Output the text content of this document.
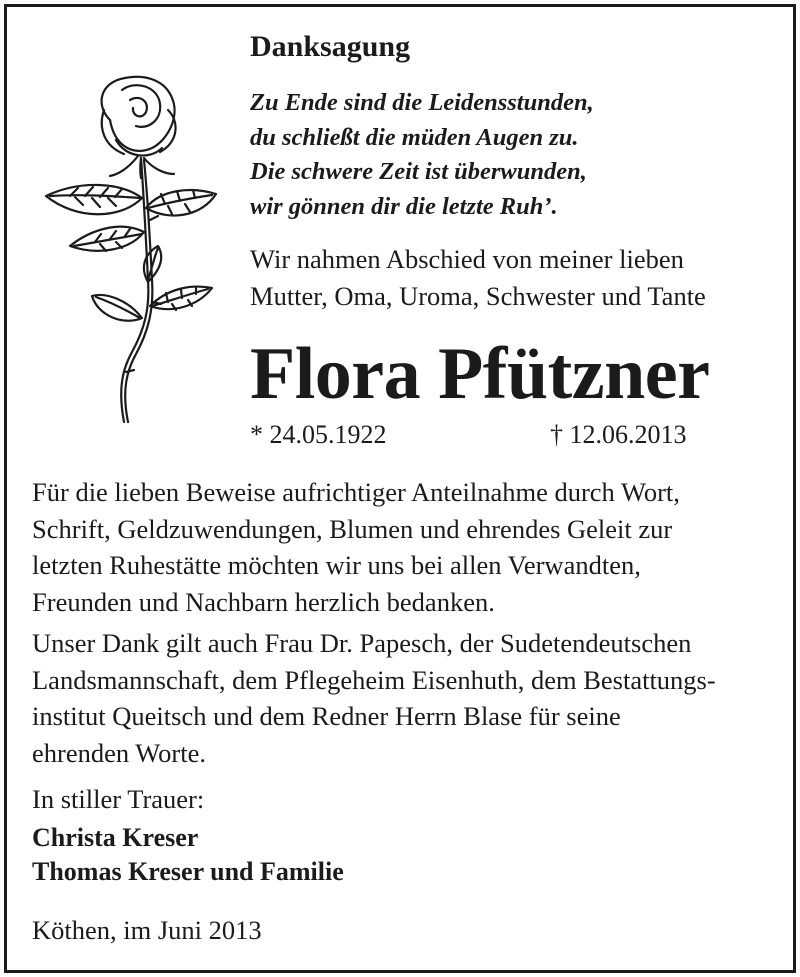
Danksagung
Zu Ende sind die Leidensstunden,
du schließt die müden Augen zu.
Die schwere Zeit ist überwunden,
wir gönnen dir die letzte Ruh’.
Wir nahmen Abschied von meiner lieben
Mutter, Oma, Uroma, Schwester und Tante
Flora Pfützner
* 24.05.1922	† 12.06.2013
Für die lieben Beweise aufrichtiger Anteilnahme durch Wort,
Schrift, Geldzuwendungen, Blumen und ehrendes Geleit zur
letzten Ruhestätte möchten wir uns bei allen Verwandten,
Freunden und Nachbarn herzlich bedanken.
Unser Dank gilt auch Frau Dr. Papesch, der Sudetendeutschen
Landsmannschaft, dem Pflegeheim Eisenhuth, dem Bestattungs-
institut Queitsch und dem Redner Herrn Blase für seine
ehrenden Worte.
In stiller Trauer:
Christa Kreser
Thomas Kreser und Familie
Köthen, im Juni 2013
